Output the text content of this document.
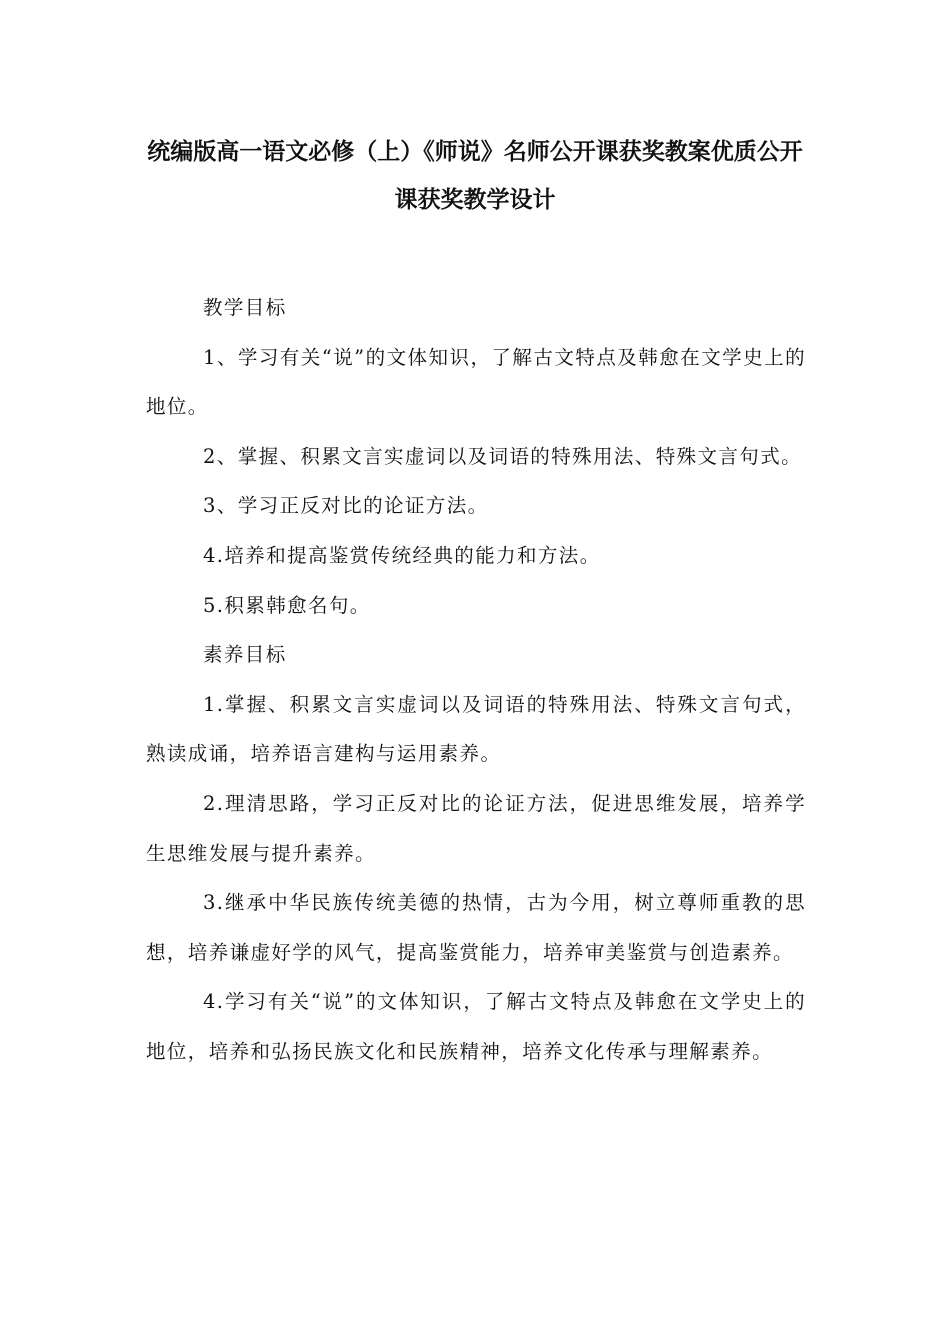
统编版高一语文必修（上）《师说》名师公开课获奖教案优质公开
课获奖教学设计

教学目标

1、学习有关“说”的文体知识，了解古文特点及韩愈在文学史上的地位。

2、掌握、积累文言实虚词以及词语的特殊用法、特殊文言句式。

3、学习正反对比的论证方法。

4.培养和提高鉴赏传统经典的能力和方法。

5.积累韩愈名句。

素养目标

1.掌握、积累文言实虚词以及词语的特殊用法、特殊文言句式，熟读成诵，培养语言建构与运用素养。

2.理清思路，学习正反对比的论证方法，促进思维发展，培养学生思维发展与提升素养。

3.继承中华民族传统美德的热情，古为今用，树立尊师重教的思想，培养谦虚好学的风气，提高鉴赏能力，培养审美鉴赏与创造素养。

4.学习有关“说”的文体知识，了解古文特点及韩愈在文学史上的地位，培养和弘扬民族文化和民族精神，培养文化传承与理解素养。
